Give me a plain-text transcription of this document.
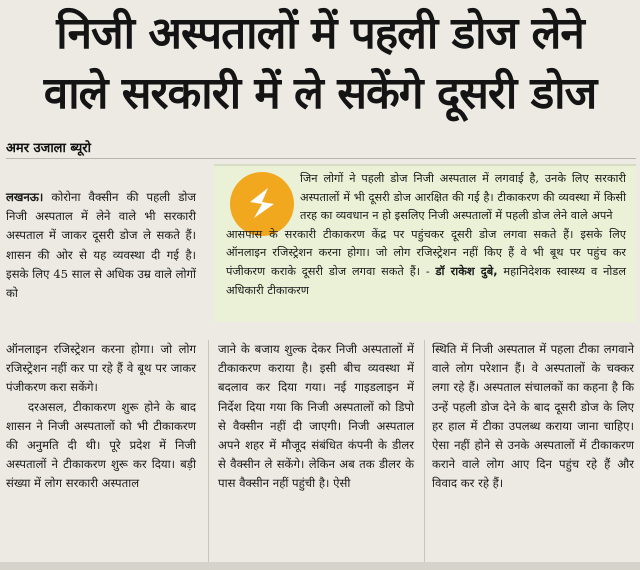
निजी अस्पतालों में पहली डोज लेने
वाले सरकारी में ले सकेंगे दूसरी डोज
अमर उजाला ब्यूरो
जिन लोगों ने पहली डोज निजी अस्पताल में लगवाई है, उनके लिए सरकारी अस्पतालों में भी दूसरी डोज आरक्षित की गई है। टीकाकरण की व्यवस्था में किसी तरह का व्यवधान न हो इसलिए निजी अस्पतालों में पहली डोज लेने वाले अपने
आसपास के सरकारी टीकाकरण केंद्र पर पहुंचकर दूसरी डोज लगवा सकते हैं। इसके लिए ऑनलाइन रजिस्ट्रेशन करना होगा। जो लोग रजिस्ट्रेशन नहीं किए हैं वे भी बूथ पर पहुंच कर पंजीकरण कराके दूसरी डोज लगवा सकते हैं। - डॉ राकेश दुबे, महानिदेशक स्वास्थ्य व नोडल अधिकारी टीकाकरण

लखनऊ। कोरोना वैक्सीन की पहली डोज निजी अस्पताल में लेने वाले भी सरकारी अस्पताल में जाकर दूसरी डोज ले सकते हैं। शासन की ओर से यह व्यवस्था दी गई है। इसके लिए 45 साल से अधिक उम्र वाले लोगों को

ऑनलाइन रजिस्ट्रेशन करना होगा। जो लोग रजिस्ट्रेशन नहीं कर पा रहे हैं वे बूथ पर जाकर पंजीकरण करा सकेंगे।

दरअसल, टीकाकरण शुरू होने के बाद शासन ने निजी अस्पतालों को भी टीकाकरण की अनुमति दी थी। पूरे प्रदेश में निजी अस्पतालों ने टीकाकरण शुरू कर दिया। बड़ी संख्या में लोग सरकारी अस्पताल

जाने के बजाय शुल्क देकर निजी अस्पतालों में टीकाकरण कराया है। इसी बीच व्यवस्था में बदलाव कर दिया गया। नई गाइडलाइन में निर्देश दिया गया कि निजी अस्पतालों को डिपो से वैक्सीन नहीं दी जाएगी। निजी अस्पताल अपने शहर में मौजूद संबंधित कंपनी के डीलर से वैक्सीन ले सकेंगे। लेकिन अब तक डीलर के पास वैक्सीन नहीं पहुंची है। ऐसी

स्थिति में निजी अस्पताल में पहला टीका लगवाने वाले लोग परेशान हैं। वे अस्पतालों के चक्कर लगा रहे हैं। अस्पताल संचालकों का कहना है कि उन्हें पहली डोज देने के बाद दूसरी डोज के लिए हर हाल में टीका उपलब्ध कराया जाना चाहिए। ऐसा नहीं होने से उनके अस्पतालों में टीकाकरण कराने वाले लोग आए दिन पहुंच रहे हैं और विवाद कर रहे हैं।
